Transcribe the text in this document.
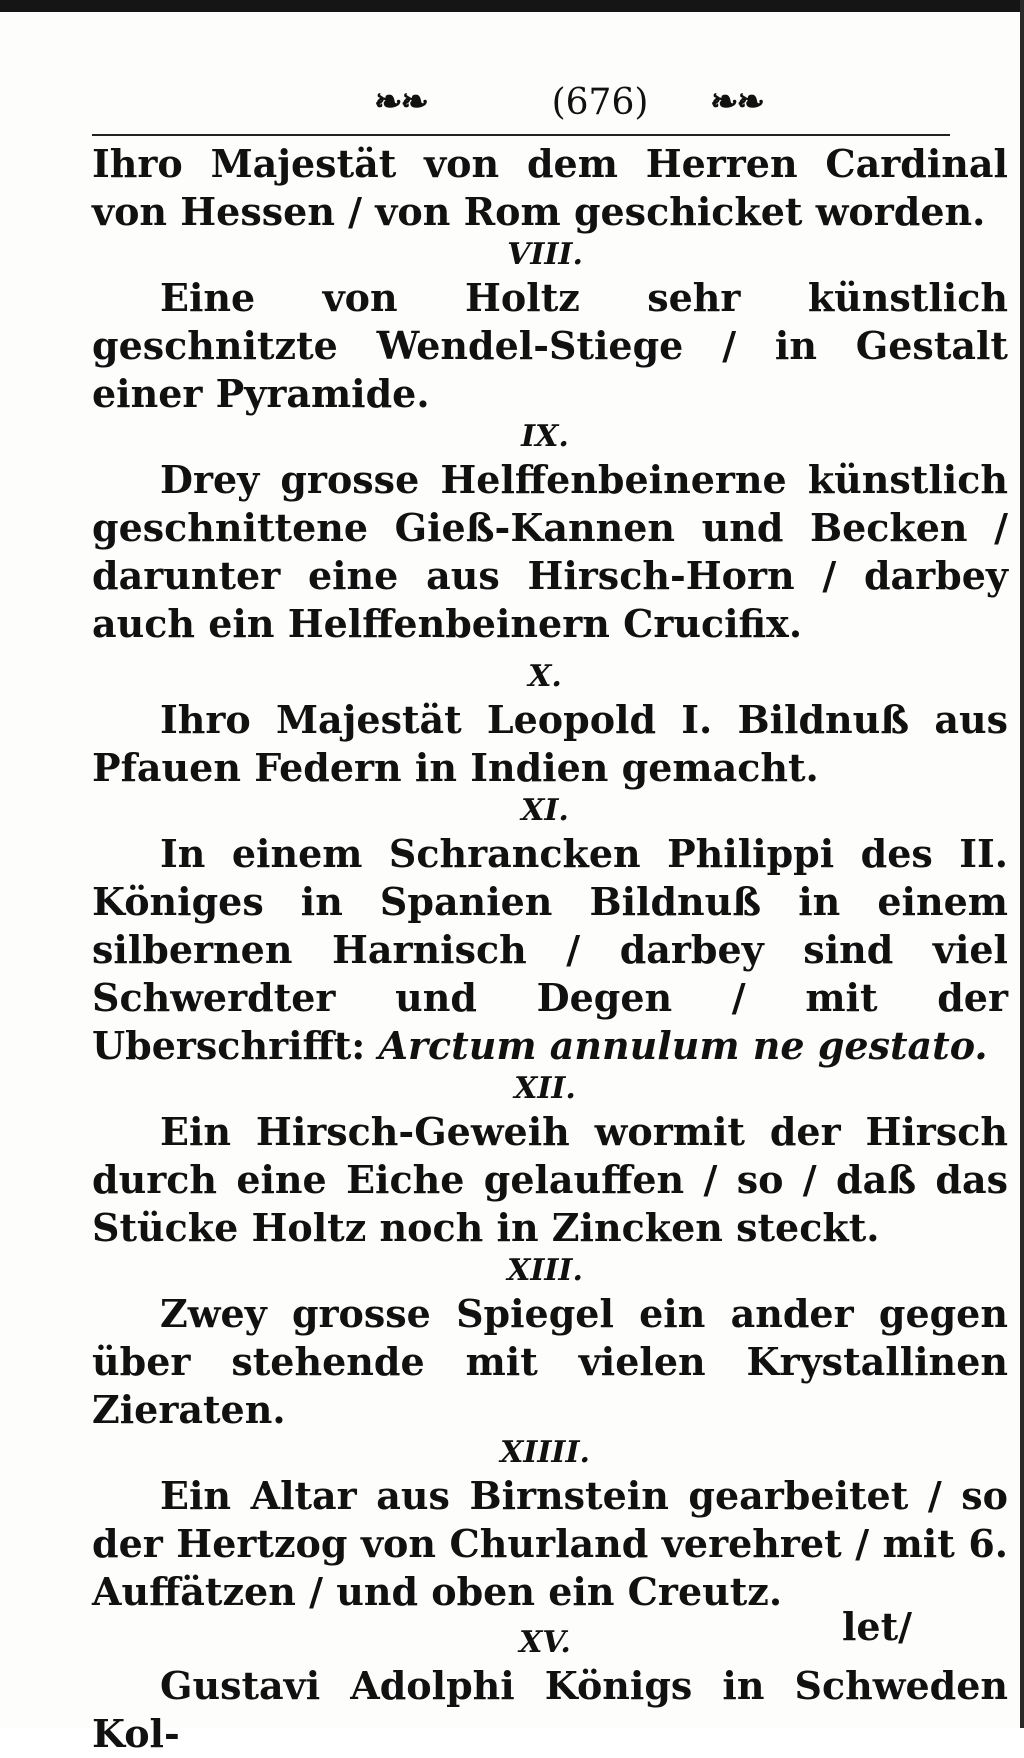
❧❧	(676)	❧❧

Ihro Majestät von dem Herren Cardinal von Hessen / von Rom geschicket worden.

VIII.

Eine von Holtz sehr künstlich geschnitzte Wendel-Stiege / in Gestalt einer Pyramide.

IX.

Drey grosse Helffenbeinerne künstlich geschnittene Gieß-Kannen und Becken / darunter eine aus Hirsch-Horn / darbey auch ein Helffenbeinern Crucifix.

X.

Ihro Majestät Leopold I. Bildnuß aus Pfauen Federn in Indien gemacht.

XI.

In einem Schrancken Philippi des II. Königes in Spanien Bildnuß in einem silbernen Harnisch / darbey sind viel Schwerdter und Degen / mit der Uberschrifft: Arctum annulum ne gestato.

XII.

Ein Hirsch-Geweih wormit der Hirsch durch eine Eiche gelauffen / so / daß das Stücke Holtz noch in Zincken steckt.

XIII.

Zwey grosse Spiegel ein ander gegen über stehende mit vielen Krystallinen Zieraten.

XIIII.

Ein Altar aus Birnstein gearbeitet / so der Hertzog von Churland verehret / mit 6. Auffätzen / und oben ein Creutz.

XV.

Gustavi Adolphi Königs in Schweden Kol-

let/
